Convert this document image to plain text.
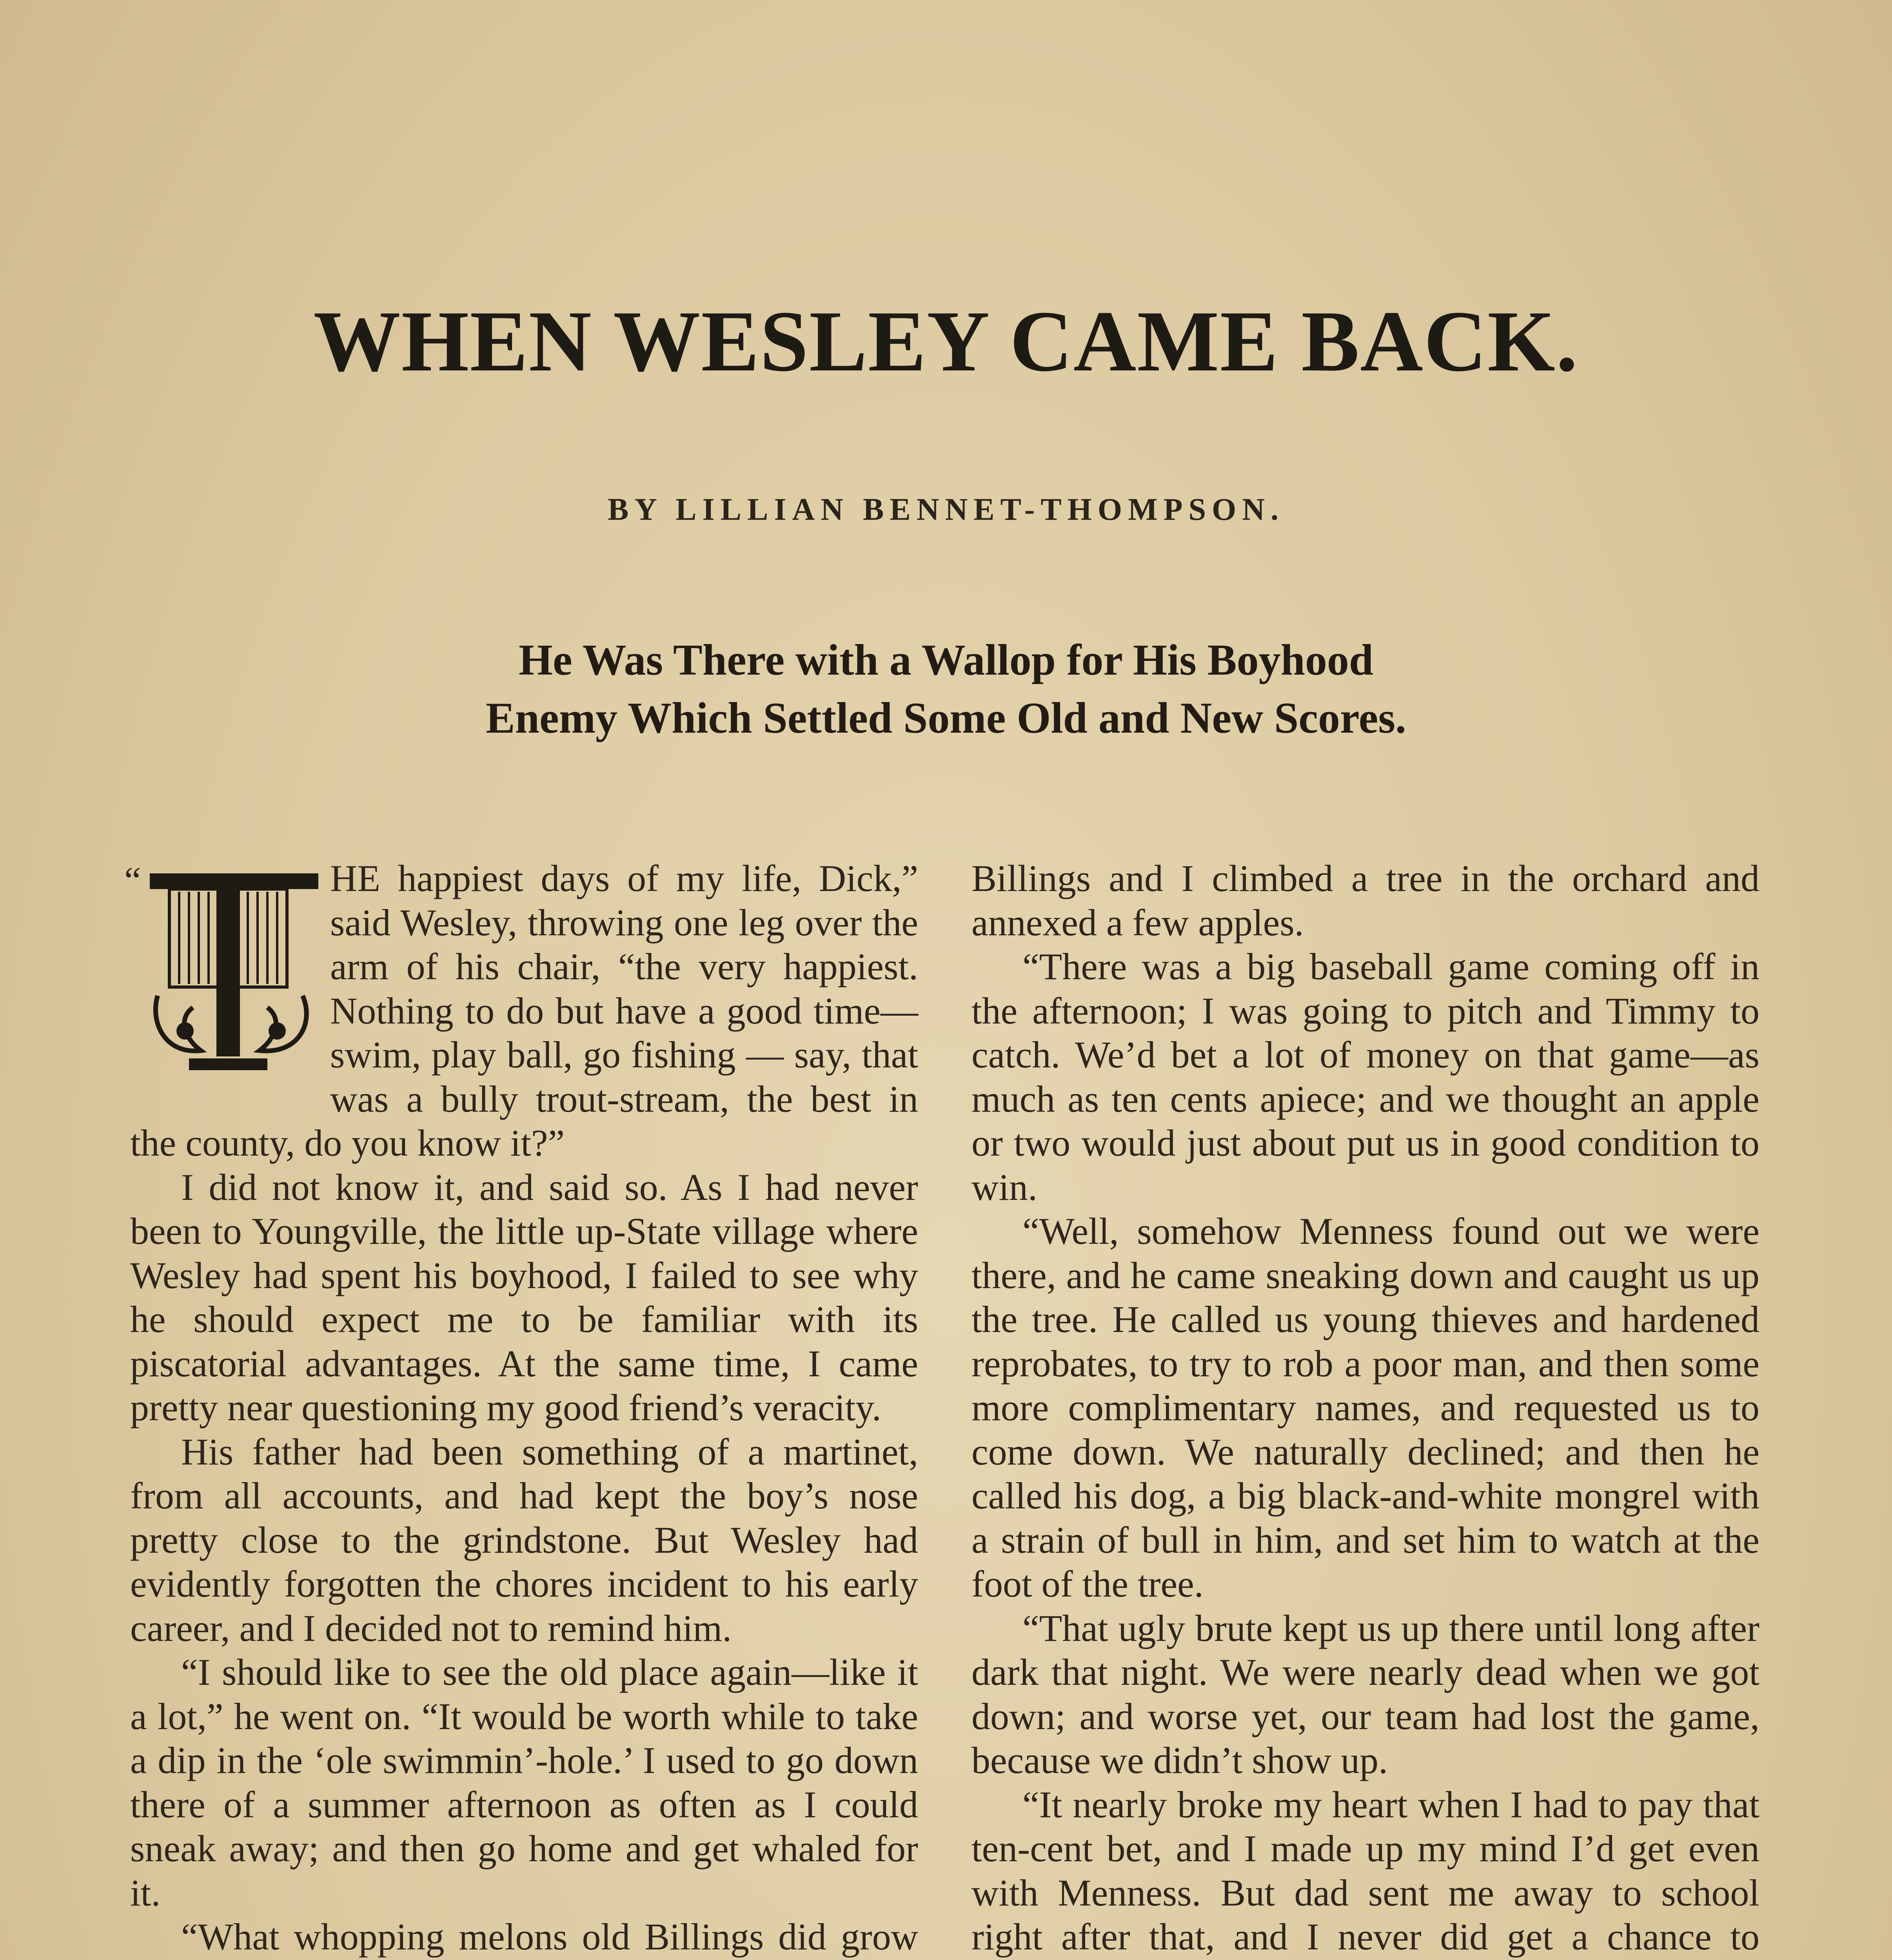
WHEN WESLEY CAME BACK.
BY LILLIAN BENNET-THOMPSON.
He Was There with a Wallop for His Boyhood
Enemy Which Settled Some Old and New Scores.

“	HE happiest days of my life, Dick,” said Wesley, throwing one leg over the arm of his chair, “the very happiest. Nothing to do but have a good time—swim, play ball, go fishing — say, that was a bully trout-stream, the best in the county, do you know it?”

I did not know it, and said so. As I had never been to Youngville, the little up-State village where Wesley had spent his boyhood, I failed to see why he should expect me to be familiar with its piscatorial advantages. At the same time, I came pretty near questioning my good friend’s veracity.

His father had been something of a martinet, from all accounts, and had kept the boy’s nose pretty close to the grindstone. But Wesley had evidently forgotten the chores incident to his early career, and I decided not to remind him.

“I should like to see the old place again—like it a lot,” he went on. “It would be worth while to take a dip in the ‘ole swimmin’-hole.’ I used to go down there of a summer afternoon as often as I could sneak away; and then go home and get whaled for it.

“What whopping melons old Billings did grow

Billings and I climbed a tree in the orchard and annexed a few apples.

“There was a big baseball game coming off in the afternoon; I was going to pitch and Timmy to catch. We’d bet a lot of money on that game—as much as ten cents apiece; and we thought an apple or two would just about put us in good condition to win.

“Well, somehow Menness found out we were there, and he came sneaking down and caught us up the tree. He called us young thieves and hardened reprobates, to try to rob a poor man, and then some more complimentary names, and requested us to come down. We naturally declined; and then he called his dog, a big black-and-white mongrel with a strain of bull in him, and set him to watch at the foot of the tree.

“That ugly brute kept us up there until long after dark that night. We were nearly dead when we got down; and worse yet, our team had lost the game, because we didn’t show up.

“It nearly broke my heart when I had to pay that ten-cent bet, and I made up my mind I’d get even with Menness. But dad sent me away to school right after that, and I never did get a chance to
